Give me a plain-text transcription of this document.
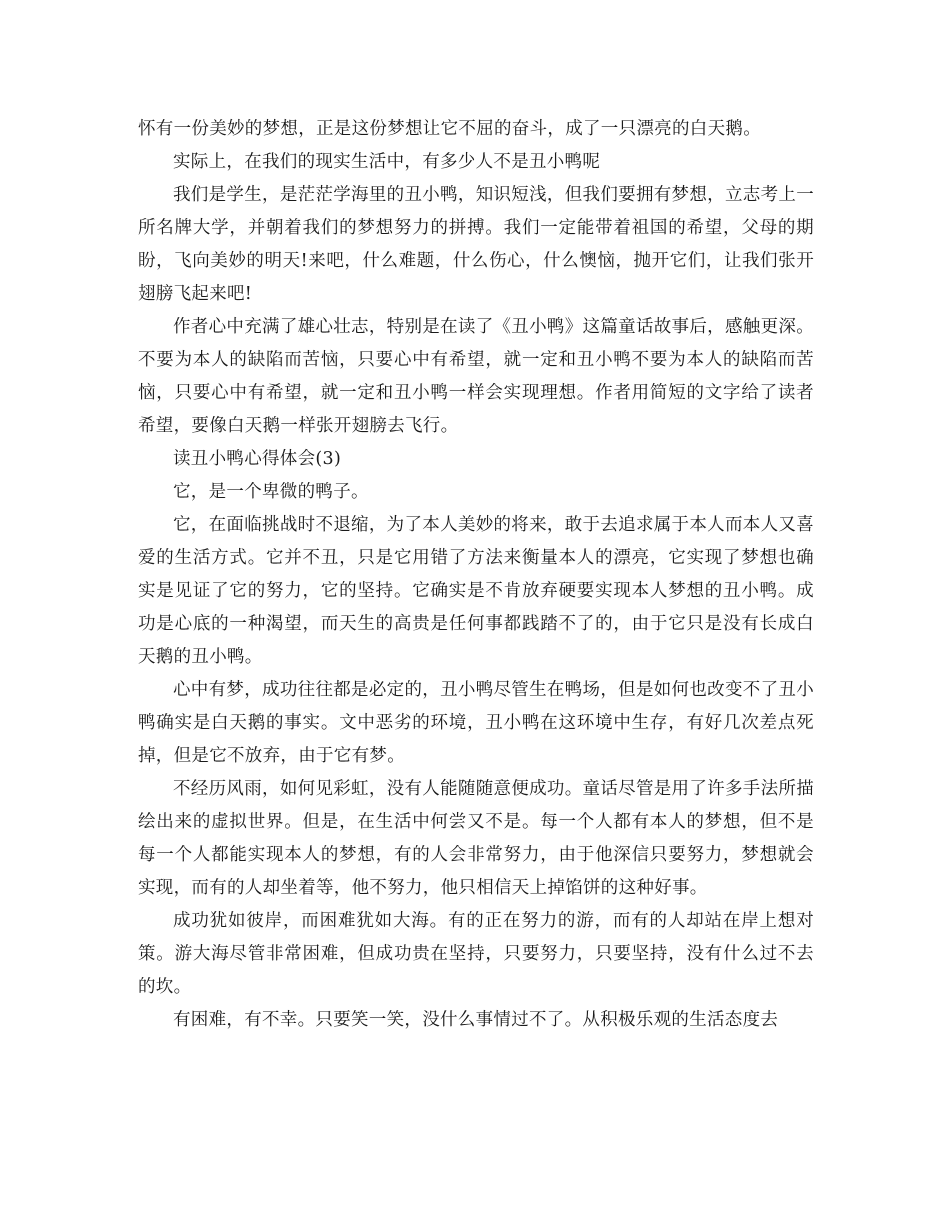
怀有一份美妙的梦想，正是这份梦想让它不屈的奋斗，成了一只漂亮的白天鹅。

实际上，在我们的现实生活中，有多少人不是丑小鸭呢

我们是学生，是茫茫学海里的丑小鸭，知识短浅，但我们要拥有梦想，立志考上一所名牌大学，并朝着我们的梦想努力的拼搏。我们一定能带着祖国的希望，父母的期盼，飞向美妙的明天!来吧，什么难题，什么伤心，什么懊恼，抛开它们，让我们张开翅膀飞起来吧!

作者心中充满了雄心壮志，特别是在读了《丑小鸭》这篇童话故事后，感触更深。不要为本人的缺陷而苦恼，只要心中有希望，就一定和丑小鸭不要为本人的缺陷而苦恼，只要心中有希望，就一定和丑小鸭一样会实现理想。作者用简短的文字给了读者希望，要像白天鹅一样张开翅膀去飞行。

读丑小鸭心得体会(3)

它，是一个卑微的鸭子。

它，在面临挑战时不退缩，为了本人美妙的将来，敢于去追求属于本人而本人又喜爱的生活方式。它并不丑，只是它用错了方法来衡量本人的漂亮，它实现了梦想也确实是见证了它的努力，它的坚持。它确实是不肯放弃硬要实现本人梦想的丑小鸭。成功是心底的一种渴望，而天生的高贵是任何事都践踏不了的，由于它只是没有长成白天鹅的丑小鸭。

心中有梦，成功往往都是必定的，丑小鸭尽管生在鸭场，但是如何也改变不了丑小鸭确实是白天鹅的事实。文中恶劣的环境，丑小鸭在这环境中生存，有好几次差点死掉，但是它不放弃，由于它有梦。

不经历风雨，如何见彩虹，没有人能随随意便成功。童话尽管是用了许多手法所描绘出来的虚拟世界。但是，在生活中何尝又不是。每一个人都有本人的梦想，但不是每一个人都能实现本人的梦想，有的人会非常努力，由于他深信只要努力，梦想就会实现，而有的人却坐着等，他不努力，他只相信天上掉馅饼的这种好事。

成功犹如彼岸，而困难犹如大海。有的正在努力的游，而有的人却站在岸上想对策。游大海尽管非常困难，但成功贵在坚持，只要努力，只要坚持，没有什么过不去的坎。

有困难，有不幸。只要笑一笑，没什么事情过不了。从积极乐观的生活态度去
